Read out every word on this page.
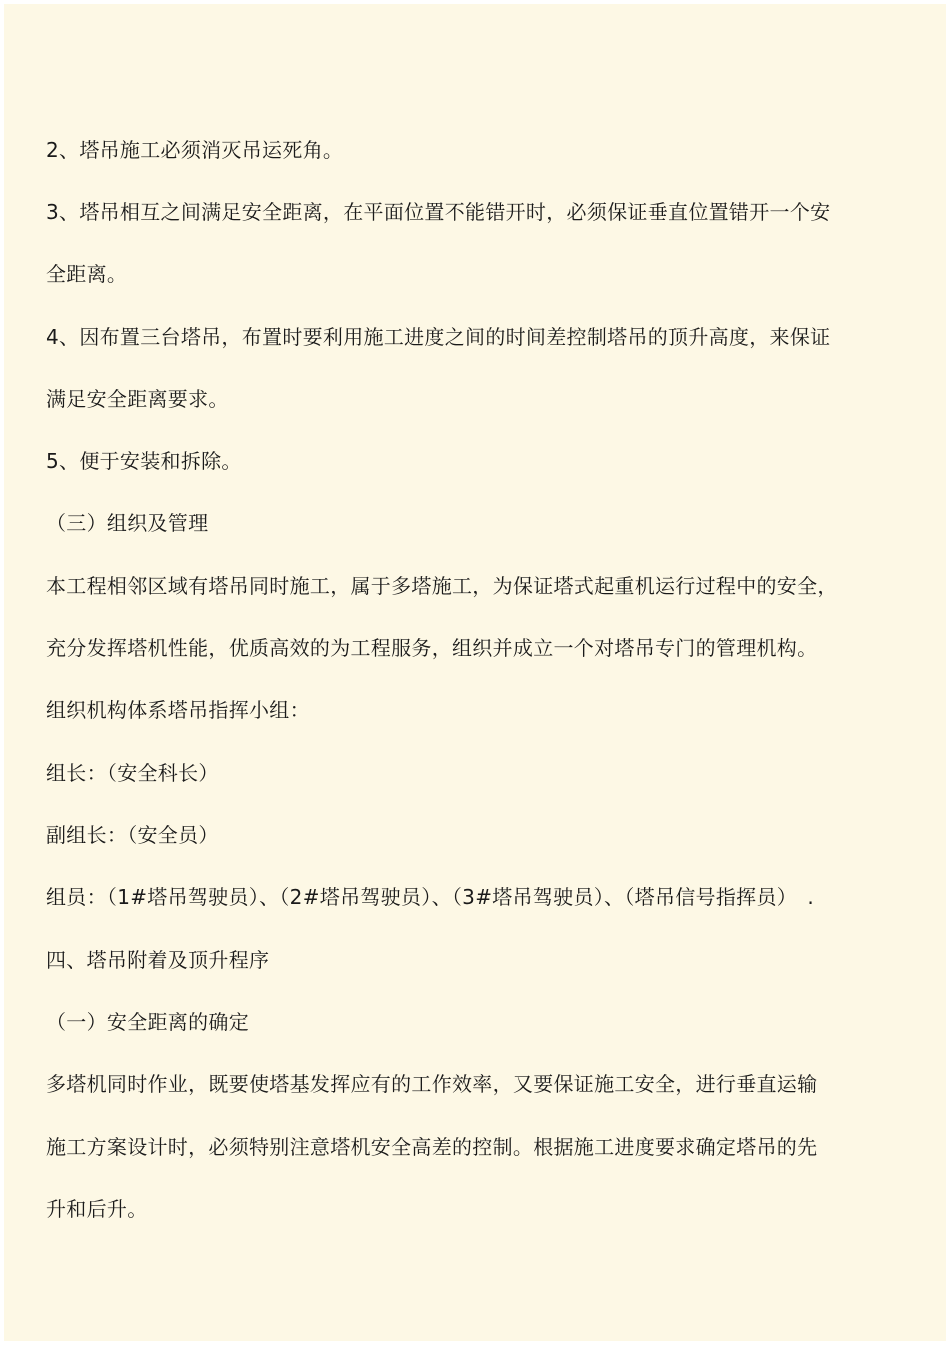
2、塔吊施工必须消灭吊运死角。
3、塔吊相互之间满足安全距离，在平面位置不能错开时，必须保证垂直位置错开一个安
全距离。
4、因布置三台塔吊，布置时要利用施工进度之间的时间差控制塔吊的顶升高度，来保证
满足安全距离要求。
5、便于安装和拆除。
（三）组织及管理
本工程相邻区域有塔吊同时施工，属于多塔施工，为保证塔式起重机运行过程中的安全，
充分发挥塔机性能，优质高效的为工程服务，组织并成立一个对塔吊专门的管理机构。
组织机构体系塔吊指挥小组：
组长：（安全科长）
副组长：（安全员）
组员：（1#塔吊驾驶员）、（2#塔吊驾驶员）、（3#塔吊驾驶员）、（塔吊信号指挥员）　.
四、塔吊附着及顶升程序
（一）安全距离的确定
多塔机同时作业，既要使塔基发挥应有的工作效率，又要保证施工安全，进行垂直运输
施工方案设计时，必须特别注意塔机安全高差的控制。根据施工进度要求确定塔吊的先
升和后升。
